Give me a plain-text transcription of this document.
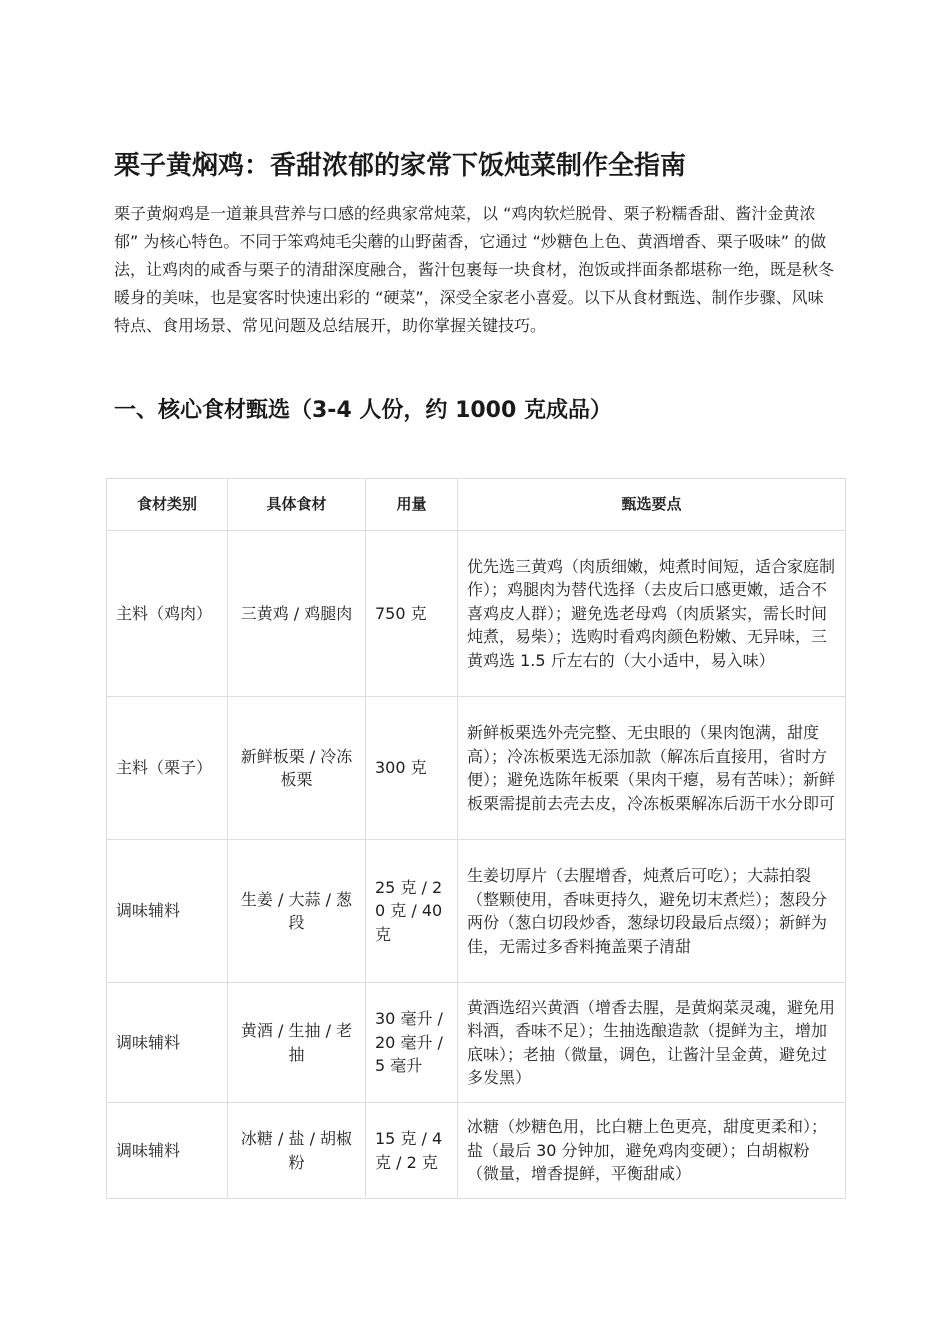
栗子黄焖鸡：香甜浓郁的家常下饭炖菜制作全指南

栗子黄焖鸡是一道兼具营养与口感的经典家常炖菜，以 “鸡肉软烂脱骨、栗子粉糯香甜、酱汁金黄浓郁” 为核心特色。不同于笨鸡炖毛尖蘑的山野菌香，它通过 “炒糖色上色、黄酒增香、栗子吸味” 的做法，让鸡肉的咸香与栗子的清甜深度融合，酱汁包裹每一块食材，泡饭或拌面条都堪称一绝，既是秋冬暖身的美味，也是宴客时快速出彩的 “硬菜”，深受全家老小喜爱。以下从食材甄选、制作步骤、风味特点、食用场景、常见问题及总结展开，助你掌握关键技巧。

一、核心食材甄选（3-4 人份，约 1000 克成品）
食材类别	具体食材	用量	甄选要点
主料（鸡肉）	三黄鸡 / 鸡腿肉	750 克	优先选三黄鸡（肉质细嫩，炖煮时间短，适合家庭制作）；鸡腿肉为替代选择（去皮后口感更嫩，适合不喜鸡皮人群）；避免选老母鸡（肉质紧实，需长时间炖煮，易柴）；选购时看鸡肉颜色粉嫩、无异味，三黄鸡选 1.5 斤左右的（大小适中，易入味）
主料（栗子）	新鲜板栗 / 冷冻板栗	300 克	新鲜板栗选外壳完整、无虫眼的（果肉饱满，甜度高）；冷冻板栗选无添加款（解冻后直接用，省时方便）；避免选陈年板栗（果肉干瘪，易有苦味）；新鲜板栗需提前去壳去皮，冷冻板栗解冻后沥干水分即可
调味辅料	生姜 / 大蒜 / 葱段	25 克 / 20 克 / 40 克	生姜切厚片（去腥增香，炖煮后可吃）；大蒜拍裂（整颗使用，香味更持久，避免切末煮烂）；葱段分两份（葱白切段炒香，葱绿切段最后点缀）；新鲜为佳，无需过多香料掩盖栗子清甜
调味辅料	黄酒 / 生抽 / 老抽	30 毫升 / 20 毫升 / 5 毫升	黄酒选绍兴黄酒（增香去腥，是黄焖菜灵魂，避免用料酒，香味不足）；生抽选酿造款（提鲜为主，增加底味）；老抽（微量，调色，让酱汁呈金黄，避免过多发黑）
调味辅料	冰糖 / 盐 / 胡椒粉	15 克 / 4 克 / 2 克	冰糖（炒糖色用，比白糖上色更亮，甜度更柔和）；盐（最后 30 分钟加，避免鸡肉变硬）；白胡椒粉（微量，增香提鲜，平衡甜咸）
